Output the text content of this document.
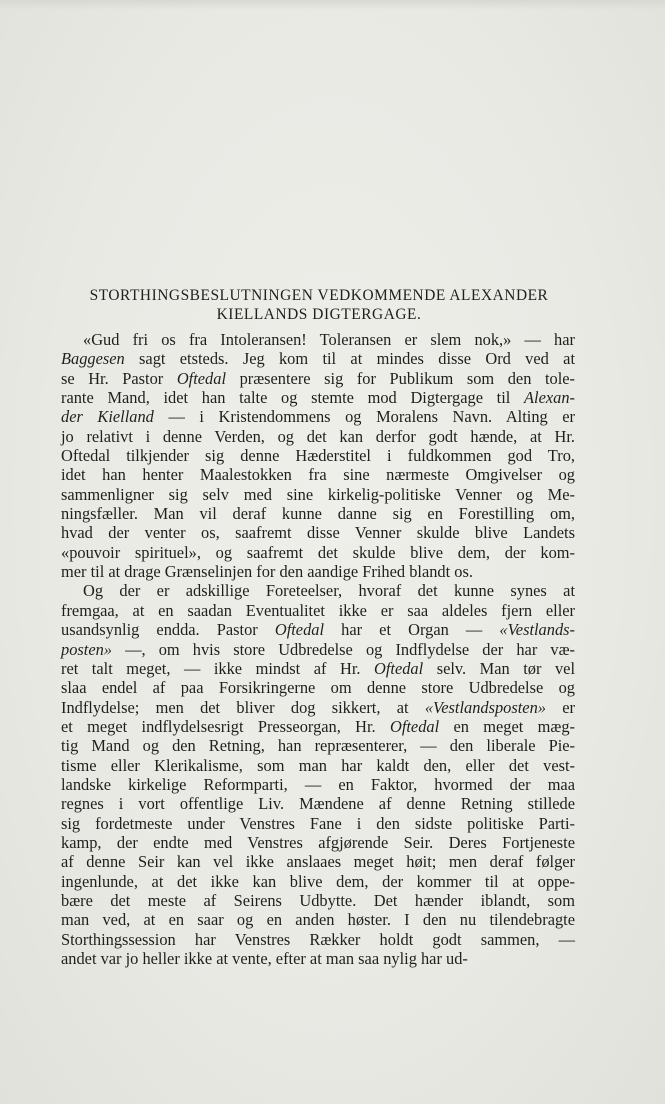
STORTHINGSBESLUTNINGEN VEDKOMMENDE ALEXANDER
KIELLANDS DIGTERGAGE.
«Gud fri os fra Intoleransen! Toleransen er slem nok,» — har
Baggesen sagt etsteds. Jeg kom til at mindes disse Ord ved at
se Hr. Pastor Oftedal præsentere sig for Publikum som den tole-
rante Mand, idet han talte og stemte mod Digtergage til Alexan-
der Kielland — i Kristendommens og Moralens Navn. Alting er
jo relativt i denne Verden, og det kan derfor godt hænde, at Hr.
Oftedal tilkjender sig denne Hæderstitel i fuldkommen god Tro,
idet han henter Maalestokken fra sine nærmeste Omgivelser og
sammenligner sig selv med sine kirkelig-politiske Venner og Me-
ningsfæller. Man vil deraf kunne danne sig en Forestilling om,
hvad der venter os, saafremt disse Venner skulde blive Landets
«pouvoir spirituel», og saafremt det skulde blive dem, der kom-
mer til at drage Grænselinjen for den aandige Frihed blandt os.
Og der er adskillige Foreteelser, hvoraf det kunne synes at
fremgaa, at en saadan Eventualitet ikke er saa aldeles fjern eller
usandsynlig endda. Pastor Oftedal har et Organ — «Vestlands-
posten» —, om hvis store Udbredelse og Indflydelse der har væ-
ret talt meget, — ikke mindst af Hr. Oftedal selv. Man tør vel
slaa endel af paa Forsikringerne om denne store Udbredelse og
Indflydelse; men det bliver dog sikkert, at «Vestlandsposten» er
et meget indflydelsesrigt Presseorgan, Hr. Oftedal en meget mæg-
tig Mand og den Retning, han repræsenterer, — den liberale Pie-
tisme eller Klerikalisme, som man har kaldt den, eller det vest-
landske kirkelige Reformparti, — en Faktor, hvormed der maa
regnes i vort offentlige Liv. Mændene af denne Retning stillede
sig fordetmeste under Venstres Fane i den sidste politiske Parti-
kamp, der endte med Venstres afgjørende Seir. Deres Fortjeneste
af denne Seir kan vel ikke anslaaes meget høit; men deraf følger
ingenlunde, at det ikke kan blive dem, der kommer til at oppe-
bære det meste af Seirens Udbytte. Det hænder iblandt, som
man ved, at en saar og en anden høster. I den nu tilendebragte
Storthingssession har Venstres Rækker holdt godt sammen, —
andet var jo heller ikke at vente, efter at man saa nylig har ud-
